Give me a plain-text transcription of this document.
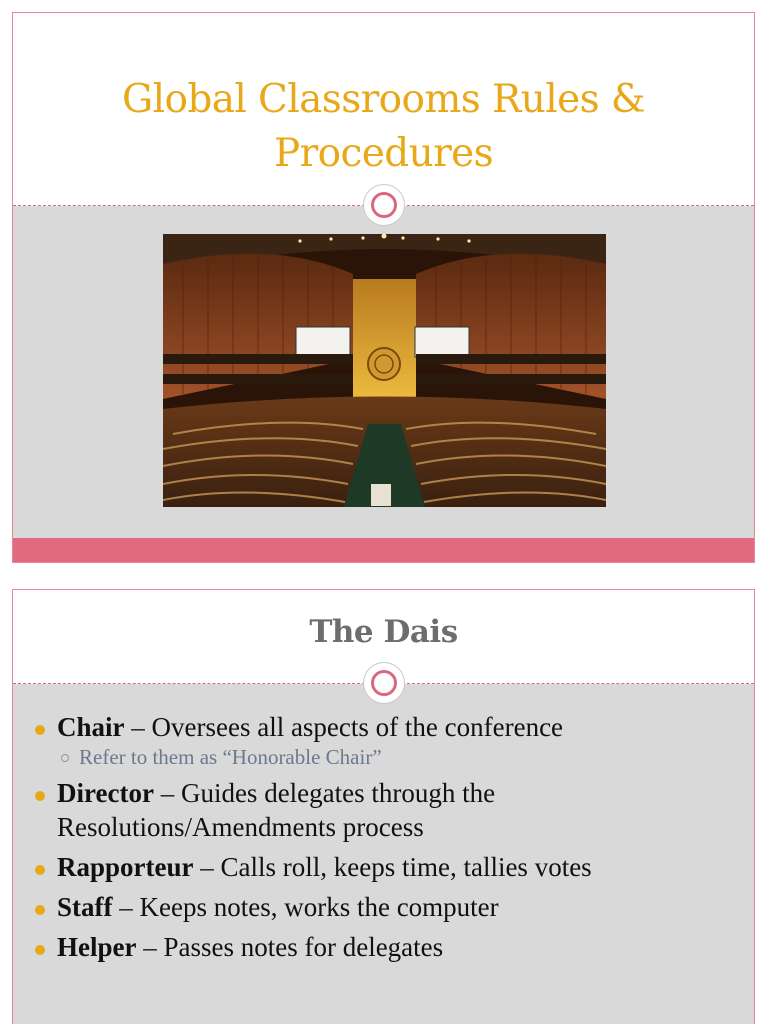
Global Classrooms Rules &
Procedures
The Dais
Chair – Oversees all aspects of the conference
Refer to them as “Honorable Chair”
Director – Guides delegates through the Resolutions/Amendments process
Rapporteur – Calls roll, keeps time, tallies votes
Staff – Keeps notes, works the computer
Helper – Passes notes for delegates
